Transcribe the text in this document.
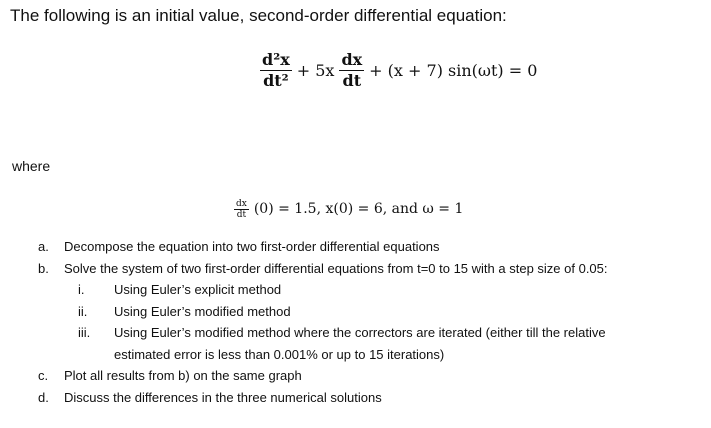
The following is an initial value, second-order differential equation:
$\frac{\text{d²x}}{\text{dt²}} + 5x \frac{dx}{dt} + (x + 7) \sin(\omega t) = 0$
where
$\frac{dx}{dt} (0) = 1.5$, x(0) = 6, and ω = 1
a.	Decompose the equation into two first-order differential equations
b.	Solve the system of two first-order differential equations from t=0 to 15 with a step size of 0.05:
i.	Using Euler’s explicit method
ii.	Using Euler’s modified method
iii.	Using Euler’s modified method where the correctors are iterated (either till the relative
estimated error is less than 0.001% or up to 15 iterations)
c.	Plot all results from b) on the same graph
d.	Discuss the differences in the three numerical solutions
